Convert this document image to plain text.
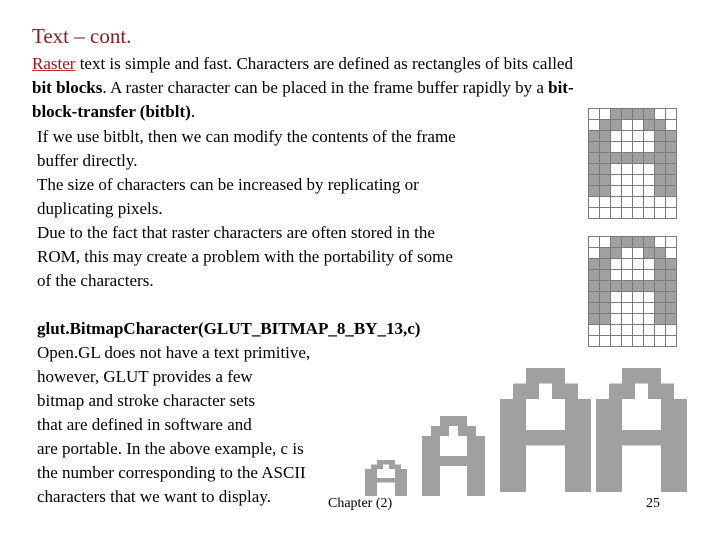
Text – cont.
Raster text is simple and fast. Characters are defined as rectangles of bits called
bit blocks. A raster character can be placed in the frame buffer rapidly by a bit-
block-transfer (bitblt).
If we use bitblt, then we can modify the contents of the frame
buffer directly.
The size of characters can be increased by replicating or
duplicating pixels.
Due to the fact that raster characters are often stored in the
ROM, this may create a problem with the portability of some
of the characters.
glut.BitmapCharacter(GLUT_BITMAP_8_BY_13,c)
Open.GL does not have a text primitive,
however, GLUT provides a few
bitmap and stroke character sets
that are defined in software and
are portable. In the above example, c is
the number corresponding to the ASCII
characters that we want to display.	Chapter (2)	25
